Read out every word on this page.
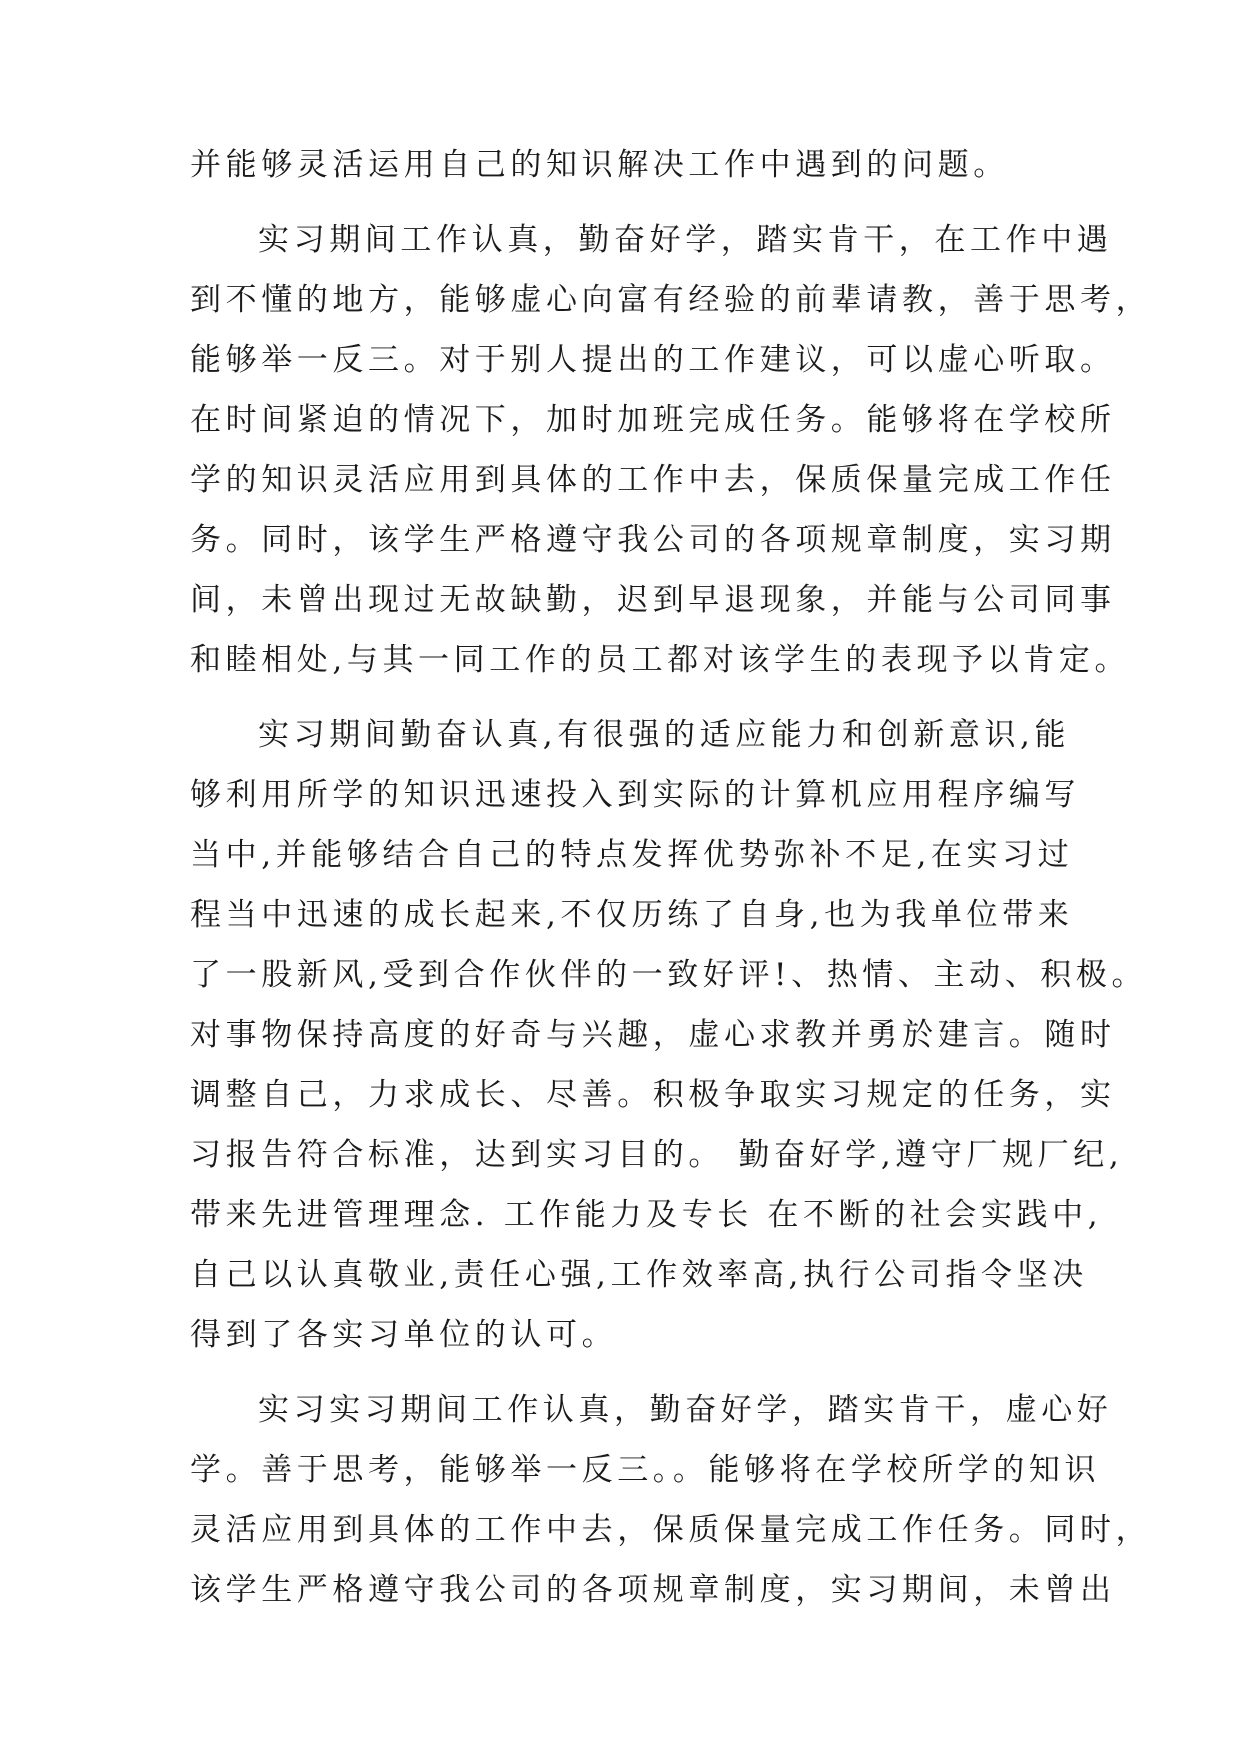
并能够灵活运用自己的知识解决工作中遇到的问题。
实习期间工作认真，勤奋好学，踏实肯干，在工作中遇
到不懂的地方，能够虚心向富有经验的前辈请教，善于思考，
能够举一反三。对于别人提出的工作建议，可以虚心听取。
在时间紧迫的情况下，加时加班完成任务。能够将在学校所
学的知识灵活应用到具体的工作中去，保质保量完成工作任
务。同时，该学生严格遵守我公司的各项规章制度，实习期
间，未曾出现过无故缺勤，迟到早退现象，并能与公司同事
和睦相处,与其一同工作的员工都对该学生的表现予以肯定。
实习期间勤奋认真,有很强的适应能力和创新意识,能
够利用所学的知识迅速投入到实际的计算机应用程序编写
当中,并能够结合自己的特点发挥优势弥补不足,在实习过
程当中迅速的成长起来,不仅历练了自身,也为我单位带来
了一股新风,受到合作伙伴的一致好评!、热情、主动、积极。
对事物保持高度的好奇与兴趣，虚心求教并勇於建言。随时
调整自己，力求成长、尽善。积极争取实习规定的任务，实
习报告符合标准，达到实习目的。 勤奋好学,遵守厂规厂纪,
带来先进管理理念. 工作能力及专长 在不断的社会实践中,
自己以认真敬业,责任心强,工作效率高,执行公司指令坚决
得到了各实习单位的认可。
实习实习期间工作认真，勤奋好学，踏实肯干，虚心好
学。善于思考，能够举一反三。。能够将在学校所学的知识
灵活应用到具体的工作中去，保质保量完成工作任务。同时，
该学生严格遵守我公司的各项规章制度，实习期间，未曾出
